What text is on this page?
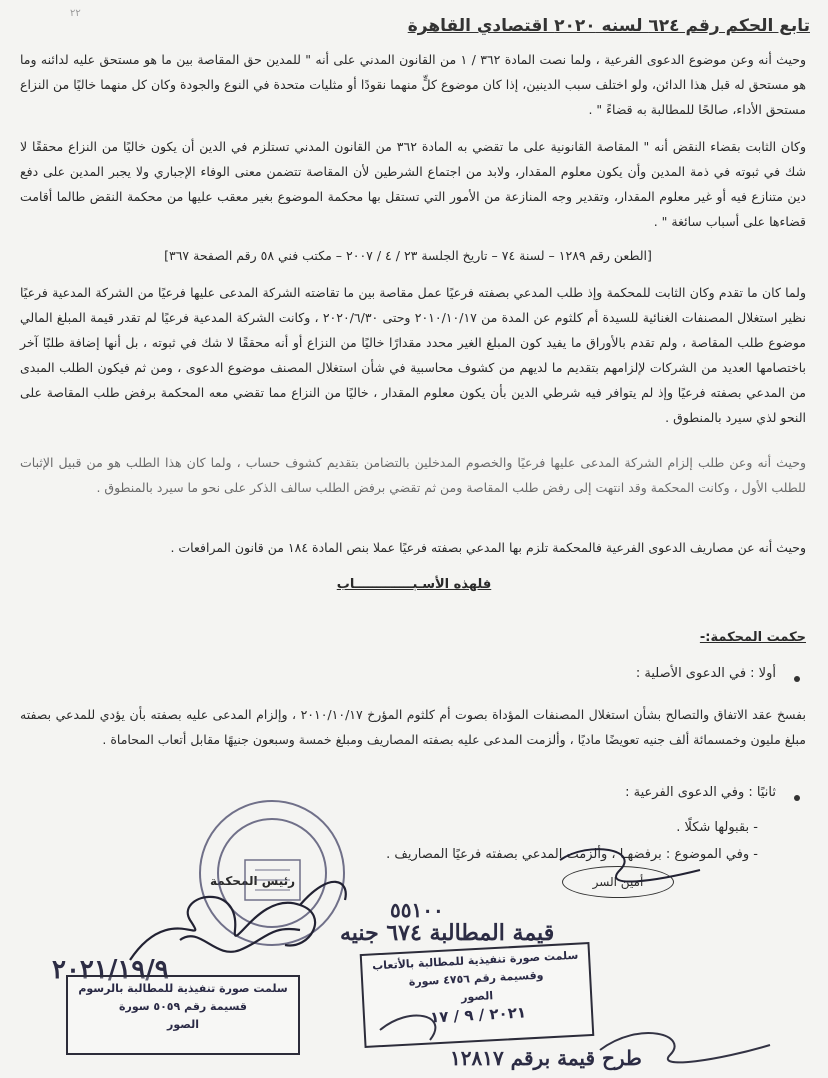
٢٢
تابع الحكم رقم ٦٢٤ لسنه ٢٠٢٠ اقتصادي القاهرة
وحيث أنه وعن موضوع الدعوى الفرعية ، ولما نصت المادة ٣٦٢ / ١ من القانون المدني على أنه " للمدين حق المقاصة بين ما هو مستحق عليه لدائنه وما هو مستحق له قبل هذا الدائن، ولو اختلف سبب الدينين، إذا كان موضوع كلٍّ منهما نقودًا أو مثليات متحدة في النوع والجودة وكان كل منهما خاليًا من النزاع مستحق الأداء، صالحًا للمطالبة به قضاءً " .
وكان الثابت بقضاء النقض أنه " المقاصة القانونية على ما تقضي به المادة ٣٦٢ من القانون المدني تستلزم في الدين أن يكون خاليًا من النزاع محققًا لا شك في ثبوته في ذمة المدين وأن يكون معلوم المقدار، ولابد من اجتماع الشرطين لأن المقاصة تتضمن معنى الوفاء الإجباري ولا يجبر المدين على دفع دين متنازع فيه أو غير معلوم المقدار، وتقدير وجه المنازعة من الأمور التي تستقل بها محكمة الموضوع بغير معقب عليها من محكمة النقض طالما أقامت قضاءها على أسباب سائغة " .
[الطعن رقم ١٢٨٩ – لسنة ٧٤ – تاريخ الجلسة ٢٣ / ٤ / ٢٠٠٧ – مكتب فني ٥٨ رقم الصفحة ٣٦٧]
ولما كان ما تقدم وكان الثابت للمحكمة وإذ طلب المدعي بصفته فرعيًا عمل مقاصة بين ما تقاضته الشركة المدعى عليها فرعيًا من الشركة المدعية فرعيًا نظير استغلال المصنفات الغنائية للسيدة أم كلثوم عن المدة من ٢٠١٠/١٠/١٧ وحتى ٢٠٢٠/٦/٣٠ ، وكانت الشركة المدعية فرعيًا لم تقدر قيمة المبلغ المالي موضوع طلب المقاصة ، ولم تقدم بالأوراق ما يفيد كون المبلغ الغير محدد مقدارًا خاليًا من النزاع أو أنه محققًا لا شك في ثبوته ، بل أنها إضافة طلبًا آخر باختصامها العديد من الشركات لإلزامهم بتقديم ما لديهم من كشوف محاسبية في شأن استغلال المصنف موضوع الدعوى ، ومن ثم فيكون الطلب المبدى من المدعي بصفته فرعيًا وإذ لم يتوافر فيه شرطي الدين بأن يكون معلوم المقدار ، خاليًا من النزاع مما تقضي معه المحكمة برفض طلب المقاصة على النحو لذي سيرد بالمنطوق .
وحيث أنه وعن طلب إلزام الشركة المدعى عليها فرعيًا والخصوم المدخلين بالتضامن بتقديم كشوف حساب ، ولما كان هذا الطلب هو من قبيل الإثبات للطلب الأول ، وكانت المحكمة وقد انتهت إلى رفض طلب المقاصة ومن ثم تقضي برفض الطلب سالف الذكر على نحو ما سيرد بالمنطوق .
وحيث أنه عن مصاريف الدعوى الفرعية فالمحكمة تلزم بها المدعي بصفته فرعيًا عملا بنص المادة ١٨٤ من قانون المرافعات .
فلهذه الأسـبـــــــــــــاب
حكمت المحكمة:-
أولا : في الدعوى الأصلية :
بفسخ عقد الاتفاق والتصالح بشأن استغلال المصنفات المؤداة بصوت أم كلثوم المؤرخ ٢٠١٠/١٠/١٧ ، وإلزام المدعى عليه بصفته بأن يؤدي للمدعي بصفته مبلغ مليون وخمسمائة ألف جنيه تعويضًا ماديًا ، وألزمت المدعى عليه بصفته المصاريف ومبلغ خمسة وسبعون جنيهًا مقابل أتعاب المحاماة .
ثانيًا : وفي الدعوى الفرعية :
- بقبولها شكلًا .
- وفي الموضوع : برفضهـا ، وألزمت المدعي بصفته فرعيًا المصاريف .
رئيس المحكمة	أمين السر
٥٥١٠٠
قيمة المطالبة ٦٧٤ جنيه
٢٠٢١/١٩/٩
طرح قيمة برقم ١٢٨١٧
سلمت صورة تنفيذية للمطالبة بالرسوم
قسيمة رقم ٥٠٥٩ سورة
الصور
سلمت صورة تنفيذية للمطالبة بالأتعاب
وقسيمة رقم ٤٧٥٦ سورة
الصور
٢٠٢١ / ٩ / ١٧
